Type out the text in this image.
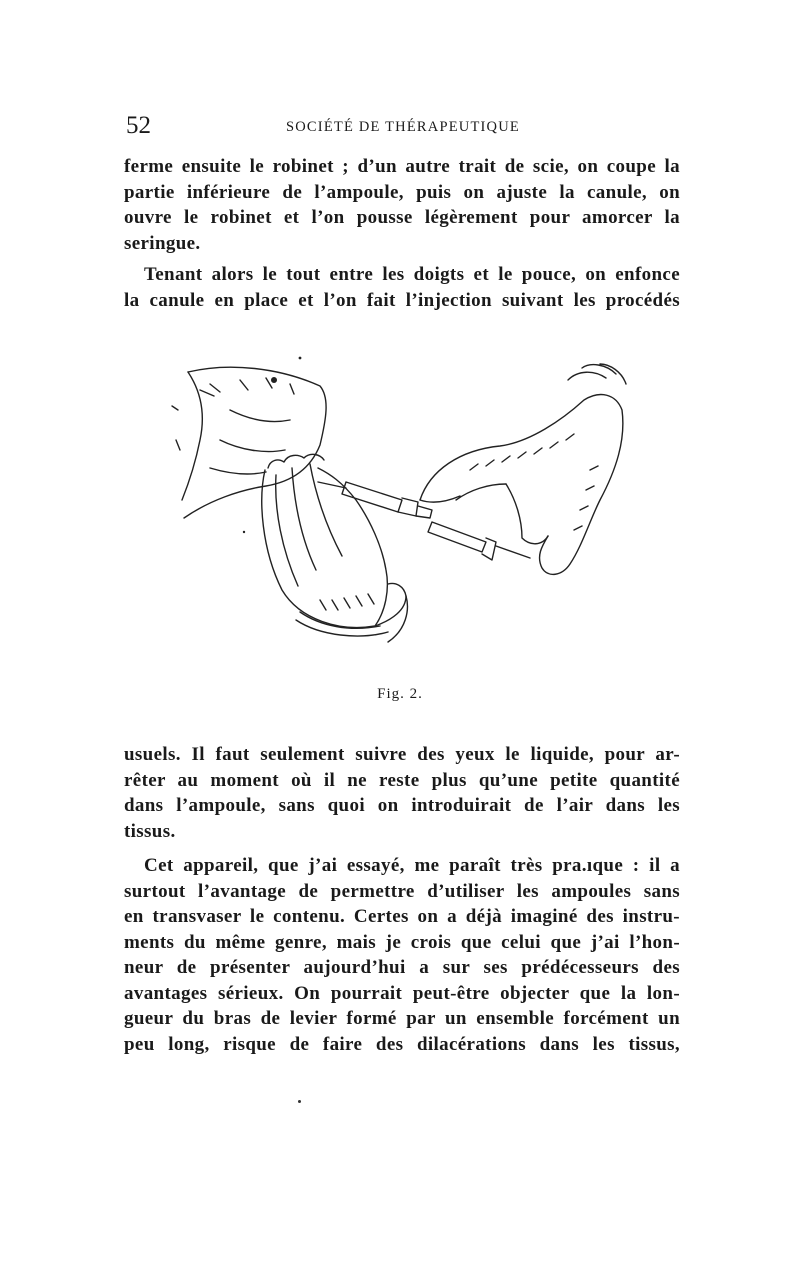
52	SOCIÉTÉ DE THÉRAPEUTIQUE

ferme ensuite le robinet ; d’un autre trait de scie, on coupe la
partie inférieure de l’ampoule, puis on ajuste la canule, on
ouvre le robinet et l’on pousse légèrement pour amorcer la
seringue.

Tenant alors le tout entre les doigts et le pouce, on enfonce
la canule en place et l’on fait l’injection suivant les procédés

Fig. 2.

usuels. Il faut seulement suivre des yeux le liquide, pour ar-
rêter au moment où il ne reste plus qu’une petite quantité
dans l’ampoule, sans quoi on introduirait de l’air dans les
tissus.

Cet appareil, que j’ai essayé, me paraît très pra.ıque : il a
surtout l’avantage de permettre d’utiliser les ampoules sans
en transvaser le contenu. Certes on a déjà imaginé des instru-
ments du même genre, mais je crois que celui que j’ai l’hon-
neur de présenter aujourd’hui a sur ses prédécesseurs des
avantages sérieux. On pourrait peut-être objecter que la lon-
gueur du bras de levier formé par un ensemble forcément un
peu long, risque de faire des dilacérations dans les tissus,
